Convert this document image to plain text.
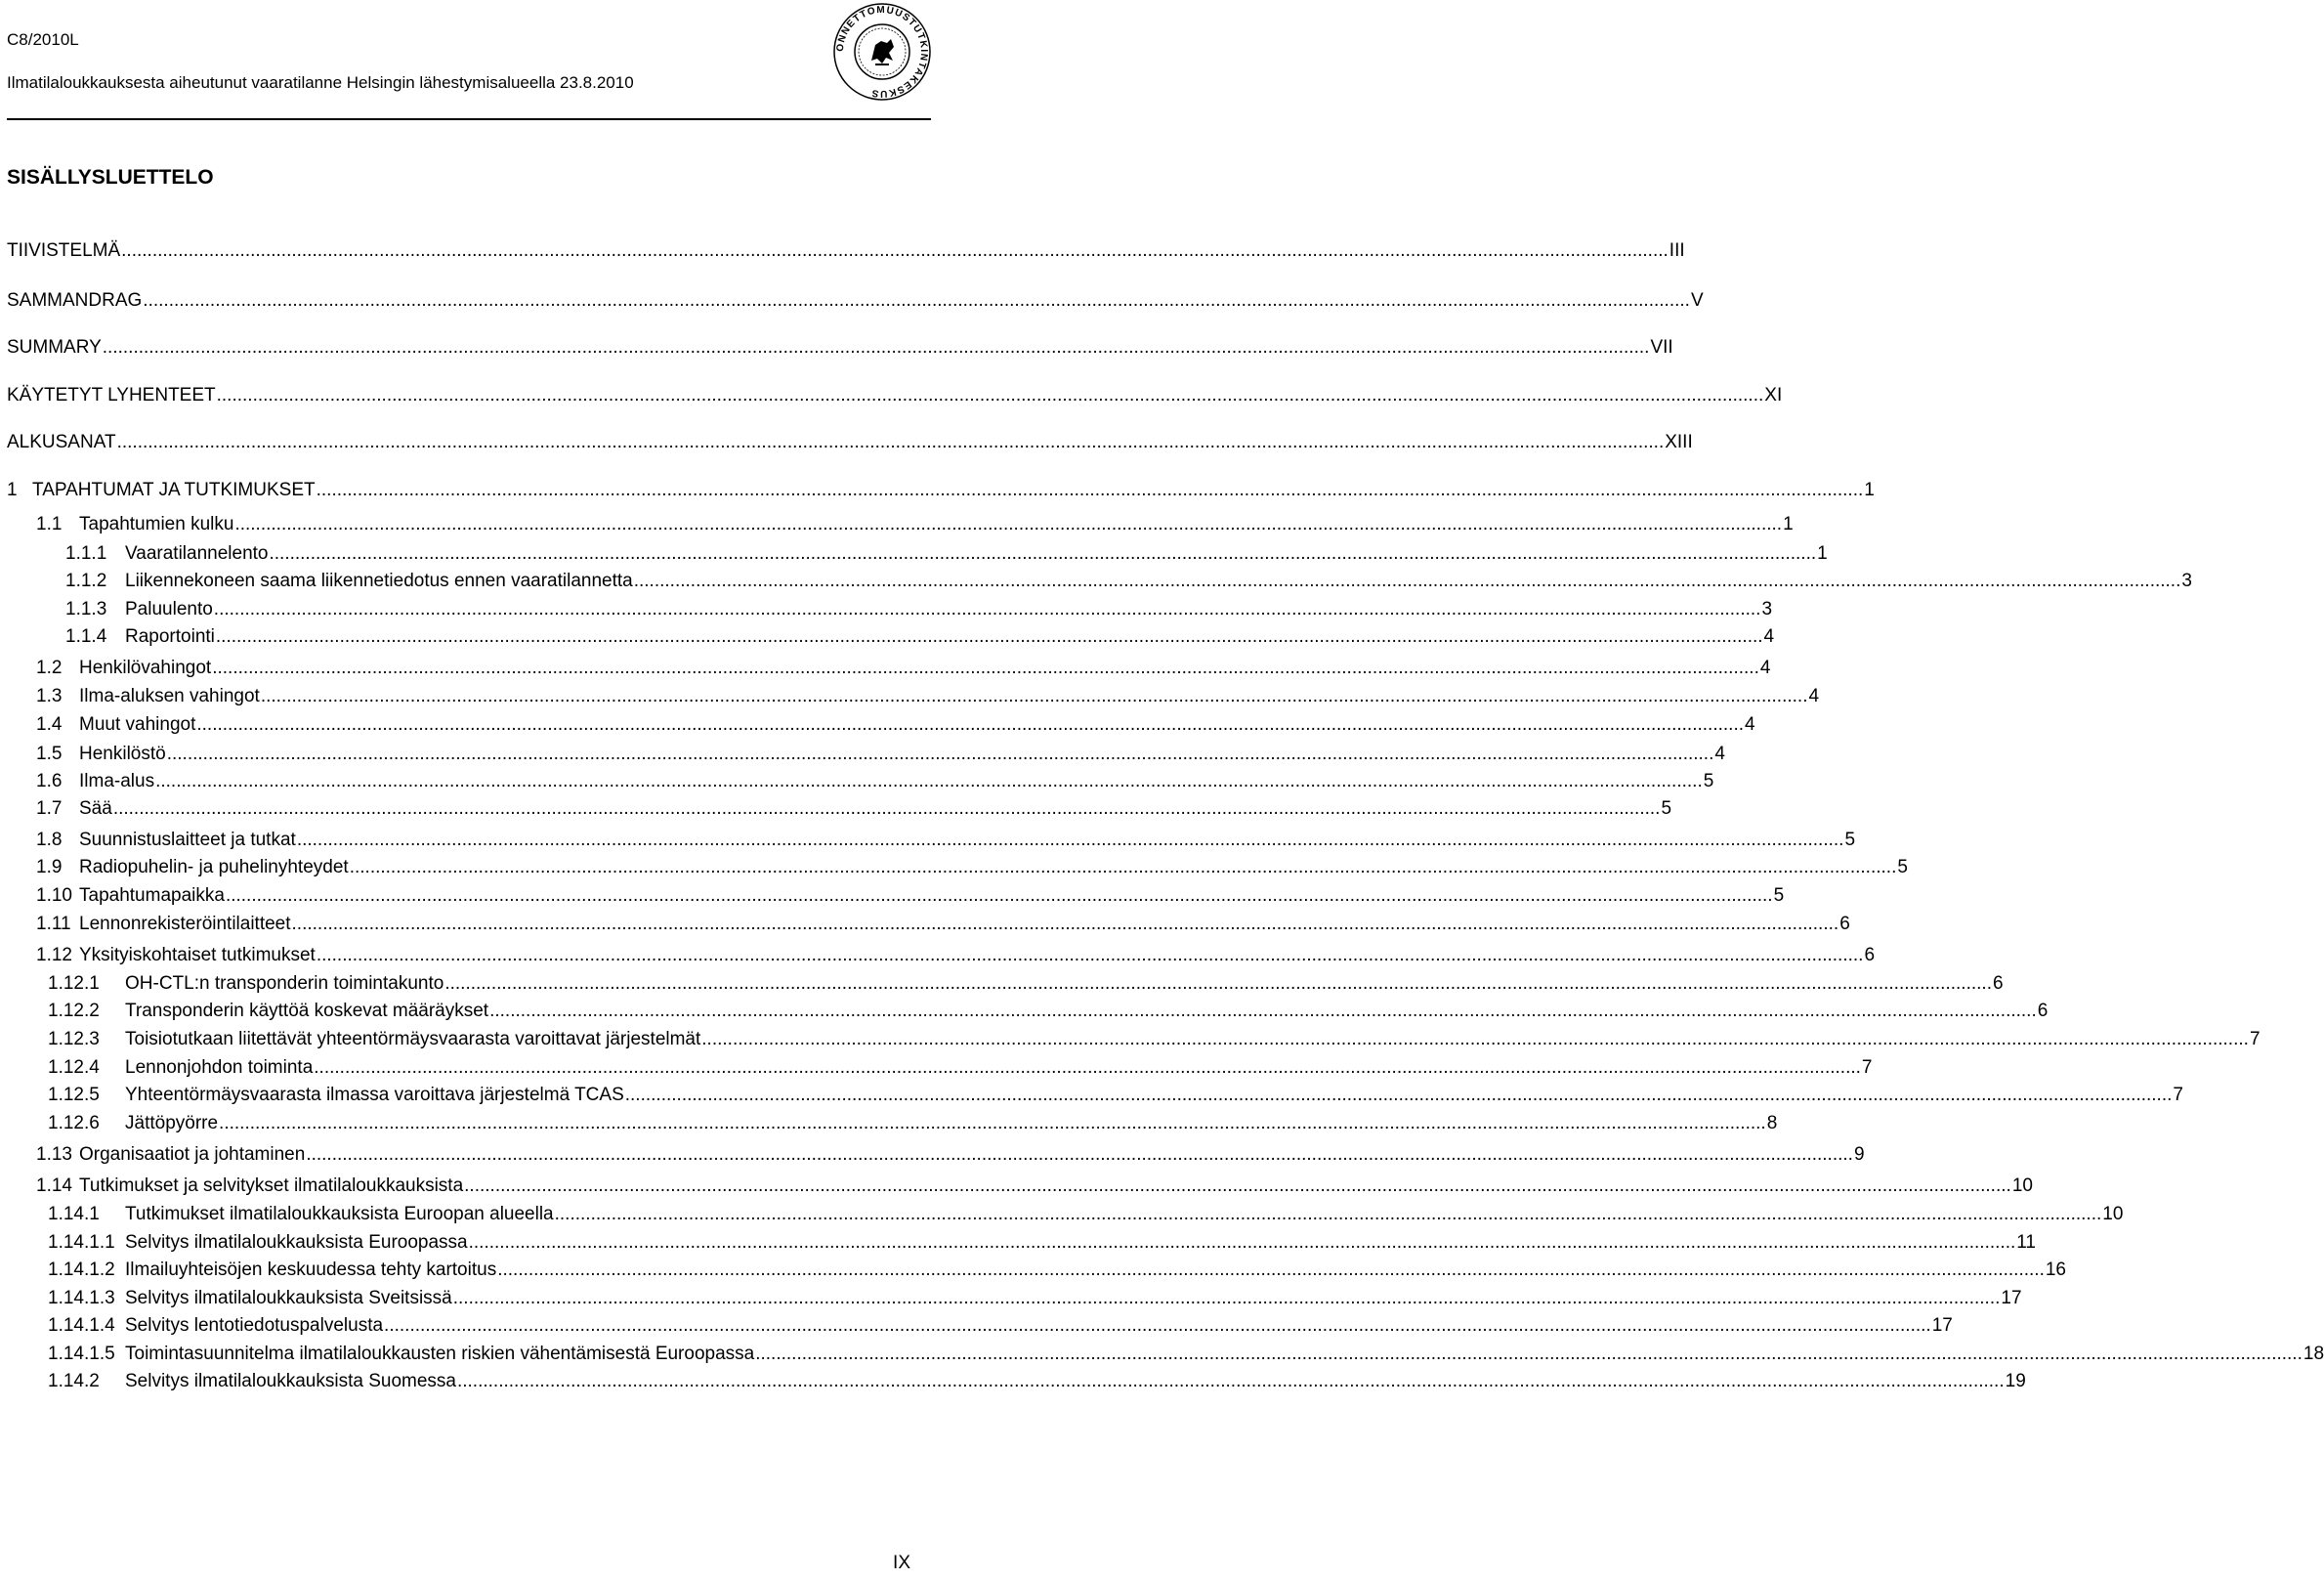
C8/2010L
Ilmatilaloukkauksesta aiheutunut vaaratilanne Helsingin lähestymisalueella 23.8.2010
ONNETTOMUUSTUTKINTAKESKUS
SISÄLLYSLUETTELO
TIIVISTELMÄ ............................................................................................................................................................................................................................................................................................................ III
SAMMANDRAG ............................................................................................................................................................................................................................................................................................................ V
SUMMARY ............................................................................................................................................................................................................................................................................................................ VII
KÄYTETYT LYHENTEET ............................................................................................................................................................................................................................................................................................................ XI
ALKUSANAT ............................................................................................................................................................................................................................................................................................................ XIII
1 TAPAHTUMAT JA TUTKIMUKSET ............................................................................................................................................................................................................................................................................................................ 1
1.1 Tapahtumien kulku ............................................................................................................................................................................................................................................................................................................ 1
1.1.1 Vaaratilannelento ............................................................................................................................................................................................................................................................................................................ 1
1.1.2 Liikennekoneen saama liikennetiedotus ennen vaaratilannetta ............................................................................................................................................................................................................................................................................................................ 3
1.1.3 Paluulento ............................................................................................................................................................................................................................................................................................................ 3
1.1.4 Raportointi ............................................................................................................................................................................................................................................................................................................ 4
1.2 Henkilövahingot ............................................................................................................................................................................................................................................................................................................ 4
1.3 Ilma-aluksen vahingot ............................................................................................................................................................................................................................................................................................................ 4
1.4 Muut vahingot ............................................................................................................................................................................................................................................................................................................ 4
1.5 Henkilöstö ............................................................................................................................................................................................................................................................................................................ 4
1.6 Ilma-alus ............................................................................................................................................................................................................................................................................................................ 5
1.7 Sää ............................................................................................................................................................................................................................................................................................................ 5
1.8 Suunnistuslaitteet ja tutkat ............................................................................................................................................................................................................................................................................................................ 5
1.9 Radiopuhelin- ja puhelinyhteydet ............................................................................................................................................................................................................................................................................................................ 5
1.10 Tapahtumapaikka ............................................................................................................................................................................................................................................................................................................ 5
1.11 Lennonrekisteröintilaitteet ............................................................................................................................................................................................................................................................................................................ 6
1.12 Yksityiskohtaiset tutkimukset ............................................................................................................................................................................................................................................................................................................ 6
1.12.1	OH-CTL:n transponderin toimintakunto ............................................................................................................................................................................................................................................................................................................ 6
1.12.2	Transponderin käyttöä koskevat määräykset ............................................................................................................................................................................................................................................................................................................ 6
1.12.3	Toisiotutkaan liitettävät yhteentörmäysvaarasta varoittavat järjestelmät ............................................................................................................................................................................................................................................................................................................ 7
1.12.4	Lennonjohdon toiminta ............................................................................................................................................................................................................................................................................................................ 7
1.12.5	Yhteentörmäysvaarasta ilmassa varoittava järjestelmä TCAS ............................................................................................................................................................................................................................................................................................................ 7
1.12.6	Jättöpyörre ............................................................................................................................................................................................................................................................................................................ 8
1.13 Organisaatiot ja johtaminen ............................................................................................................................................................................................................................................................................................................ 9
1.14 Tutkimukset ja selvitykset ilmatilaloukkauksista ............................................................................................................................................................................................................................................................................................................ 10
1.14.1	Tutkimukset ilmatilaloukkauksista Euroopan alueella ............................................................................................................................................................................................................................................................................................................ 10
1.14.1.1 Selvitys ilmatilaloukkauksista Euroopassa ............................................................................................................................................................................................................................................................................................................ 11
1.14.1.2 Ilmailuyhteisöjen keskuudessa tehty kartoitus ............................................................................................................................................................................................................................................................................................................ 16
1.14.1.3 Selvitys ilmatilaloukkauksista Sveitsissä ............................................................................................................................................................................................................................................................................................................ 17
1.14.1.4 Selvitys lentotiedotuspalvelusta ............................................................................................................................................................................................................................................................................................................ 17
1.14.1.5 Toimintasuunnitelma ilmatilaloukkausten riskien vähentämisestä Euroopassa ............................................................................................................................................................................................................................................................................................................ 18
1.14.2	Selvitys ilmatilaloukkauksista Suomessa ............................................................................................................................................................................................................................................................................................................ 19
IX
